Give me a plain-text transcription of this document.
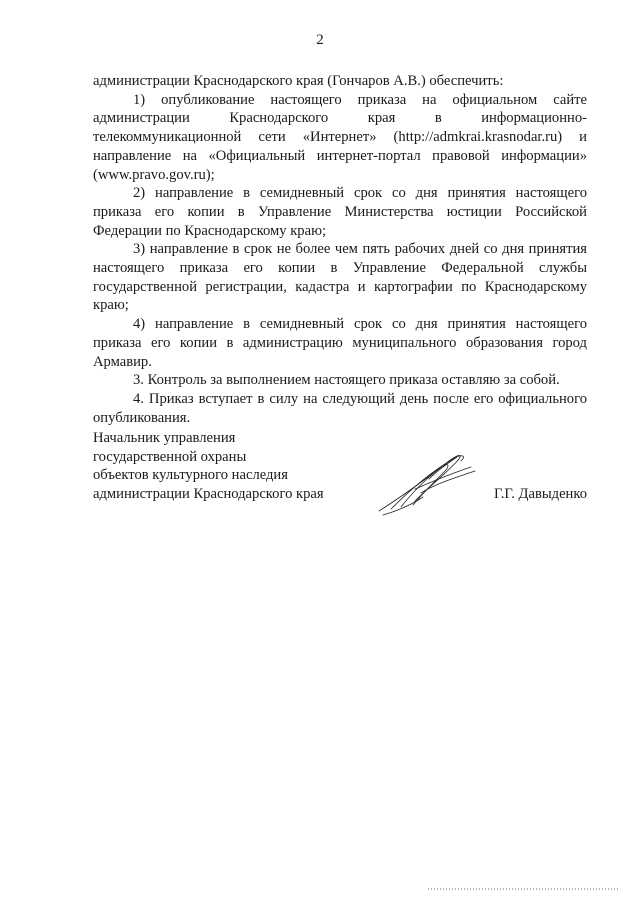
2

администрации Краснодарского края (Гончаров А.В.) обеспечить:

1) опубликование настоящего приказа на официальном сайте администрации Краснодарского края в информационно-телекоммуникационной сети «Интернет» (http://admkrai.krasnodar.ru) и направление на «Официальный интернет-портал правовой информации» (www.pravo.gov.ru);

2) направление в семидневный срок со дня принятия настоящего приказа его копии в Управление Министерства юстиции Российской Федерации по Краснодарскому краю;

3) направление в срок не более чем пять рабочих дней со дня принятия настоящего приказа его копии в Управление Федеральной службы государственной регистрации, кадастра и картографии по Краснодарскому краю;

4) направление в семидневный срок со дня принятия настоящего приказа его копии в администрацию муниципального образования город Армавир.

3. Контроль за выполнением настоящего приказа оставляю за собой.

4. Приказ вступает в силу на следующий день после его официального опубликования.

Начальник управления
государственной охраны
объектов культурного наследия
администрации Краснодарского края	Г.Г. Давыденко
